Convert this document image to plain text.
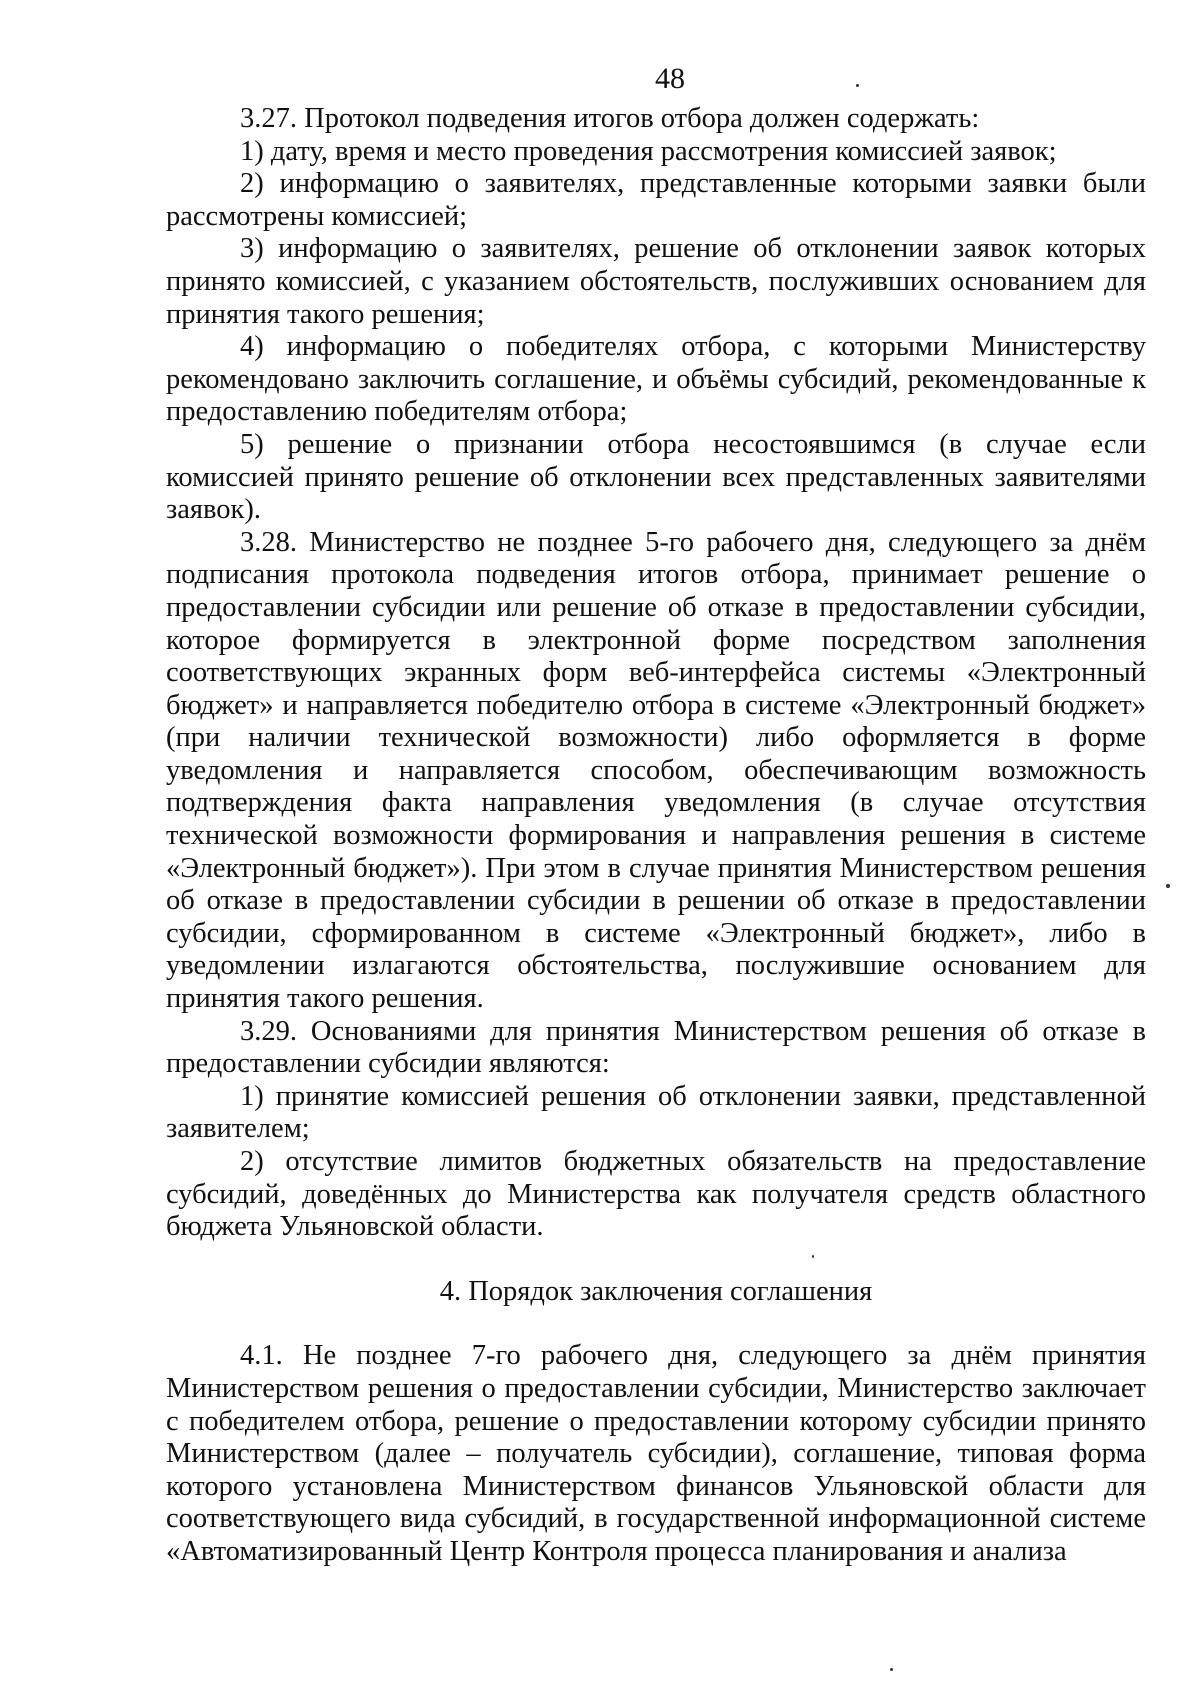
48

3.27. Протокол подведения итогов отбора должен содержать:

1) дату, время и место проведения рассмотрения комиссией заявок;

2) информацию о заявителях, представленные которыми заявки были рассмотрены комиссией;

3) информацию о заявителях, решение об отклонении заявок которых принято комиссией, с указанием обстоятельств, послуживших основанием для принятия такого решения;

4) информацию о победителях отбора, с которыми Министерству рекомендовано заключить соглашение, и объёмы субсидий, рекомендованные к предоставлению победителям отбора;

5) решение о признании отбора несостоявшимся (в случае если комиссией принято решение об отклонении всех представленных заявителями заявок).

3.28. Министерство не позднее 5-го рабочего дня, следующего за днём подписания протокола подведения итогов отбора, принимает решение о предоставлении субсидии или решение об отказе в предоставлении субсидии, которое формируется в электронной форме посредством заполнения соответствующих экранных форм веб-интерфейса системы «Электронный бюджет» и направляется победителю отбора в системе «Электронный бюджет» (при наличии технической возможности) либо оформляется в форме уведомления и направляется способом, обеспечивающим возможность подтверждения факта направления уведомления (в случае отсутствия технической возможности формирования и направления решения в системе «Электронный бюджет»). При этом в случае принятия Министерством решения об отказе в предоставлении субсидии в решении об отказе в предоставлении субсидии, сформированном в системе «Электронный бюджет», либо в уведомлении излагаются обстоятельства, послужившие основанием для принятия такого решения.

3.29. Основаниями для принятия Министерством решения об отказе в предоставлении субсидии являются:

1) принятие комиссией решения об отклонении заявки, представленной заявителем;

2) отсутствие лимитов бюджетных обязательств на предоставление субсидий, доведённых до Министерства как получателя средств областного бюджета Ульяновской области.

4. Порядок заключения соглашения

4.1. Не позднее 7-го рабочего дня, следующего за днём принятия Министерством решения о предоставлении субсидии, Министерство заключает с победителем отбора, решение о предоставлении которому субсидии принято Министерством (далее – получатель субсидии), соглашение, типовая форма которого установлена Министерством финансов Ульяновской области для соответствующего вида субсидий, в государственной информационной системе «Автоматизированный Центр Контроля процесса планирования и анализа
